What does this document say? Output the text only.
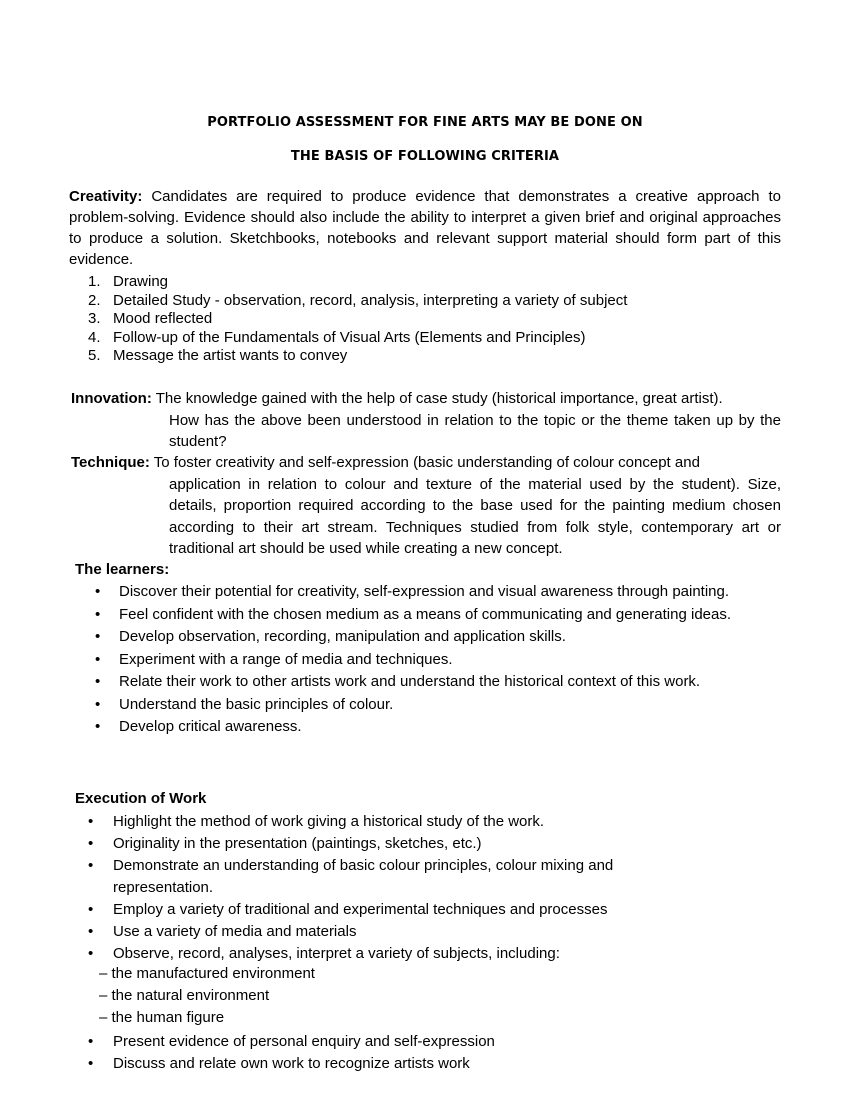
PORTFOLIO ASSESSMENT FOR FINE ARTS MAY BE DONE ON
THE BASIS OF FOLLOWING CRITERIA
Creativity: Candidates are required to produce evidence that demonstrates a creative approach to problem-solving. Evidence should also include the ability to interpret a given brief and original approaches to produce a solution. Sketchbooks, notebooks and relevant support material should form part of this evidence.
1. Drawing
2. Detailed Study - observation, record, analysis, interpreting a variety of subject
3. Mood reflected
4. Follow-up of the Fundamentals of Visual Arts (Elements and Principles)
5. Message the artist wants to convey
Innovation: The knowledge gained with the help of case study (historical importance, great artist).
How has the above been understood in relation to the topic or the theme taken up by the student?
Technique: To foster creativity and self-expression (basic understanding of colour concept and
application in relation to colour and texture of the material used by the student). Size, details, proportion required according to the base used for the painting medium chosen according to their art stream. Techniques studied from folk style, contemporary art or traditional art should be used while creating a new concept.
The learners:
• Discover their potential for creativity, self-expression and visual awareness through painting.
• Feel confident with the chosen medium as a means of communicating and generating ideas.
• Develop observation, recording, manipulation and application skills.
• Experiment with a range of media and techniques.
• Relate their work to other artists work and understand the historical context of this work.
• Understand the basic principles of colour.
• Develop critical awareness.
Execution of Work
• Highlight the method of work giving a historical study of the work.
• Originality in the presentation (paintings, sketches, etc.)
• Demonstrate an understanding of basic colour principles, colour mixing and
representation.
• Employ a variety of traditional and experimental techniques and processes
• Use a variety of media and materials
• Observe, record, analyses, interpret a variety of subjects, including:
– the manufactured environment
– the natural environment
– the human figure
• Present evidence of personal enquiry and self-expression
• Discuss and relate own work to recognize artists work
